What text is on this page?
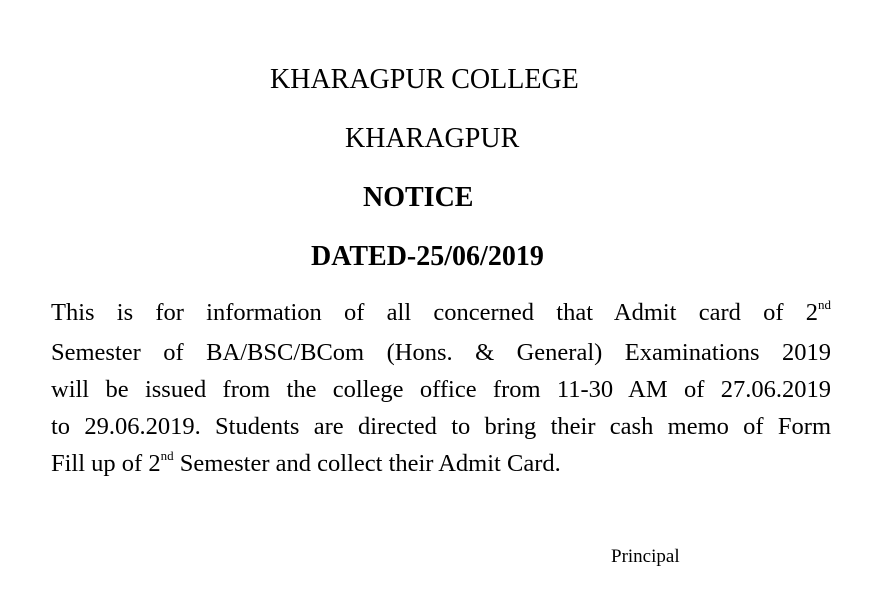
KHARAGPUR COLLEGE
KHARAGPUR
NOTICE
DATED-25/06/2019
This is for information of all concerned that Admit card of 2nd
Semester of BA/BSC/BCom (Hons. & General) Examinations 2019
will be issued from the college office from 11-30 AM of 27.06.2019
to 29.06.2019. Students are directed to bring their cash memo of Form
Fill up of 2nd Semester and collect their Admit Card.
Principal
